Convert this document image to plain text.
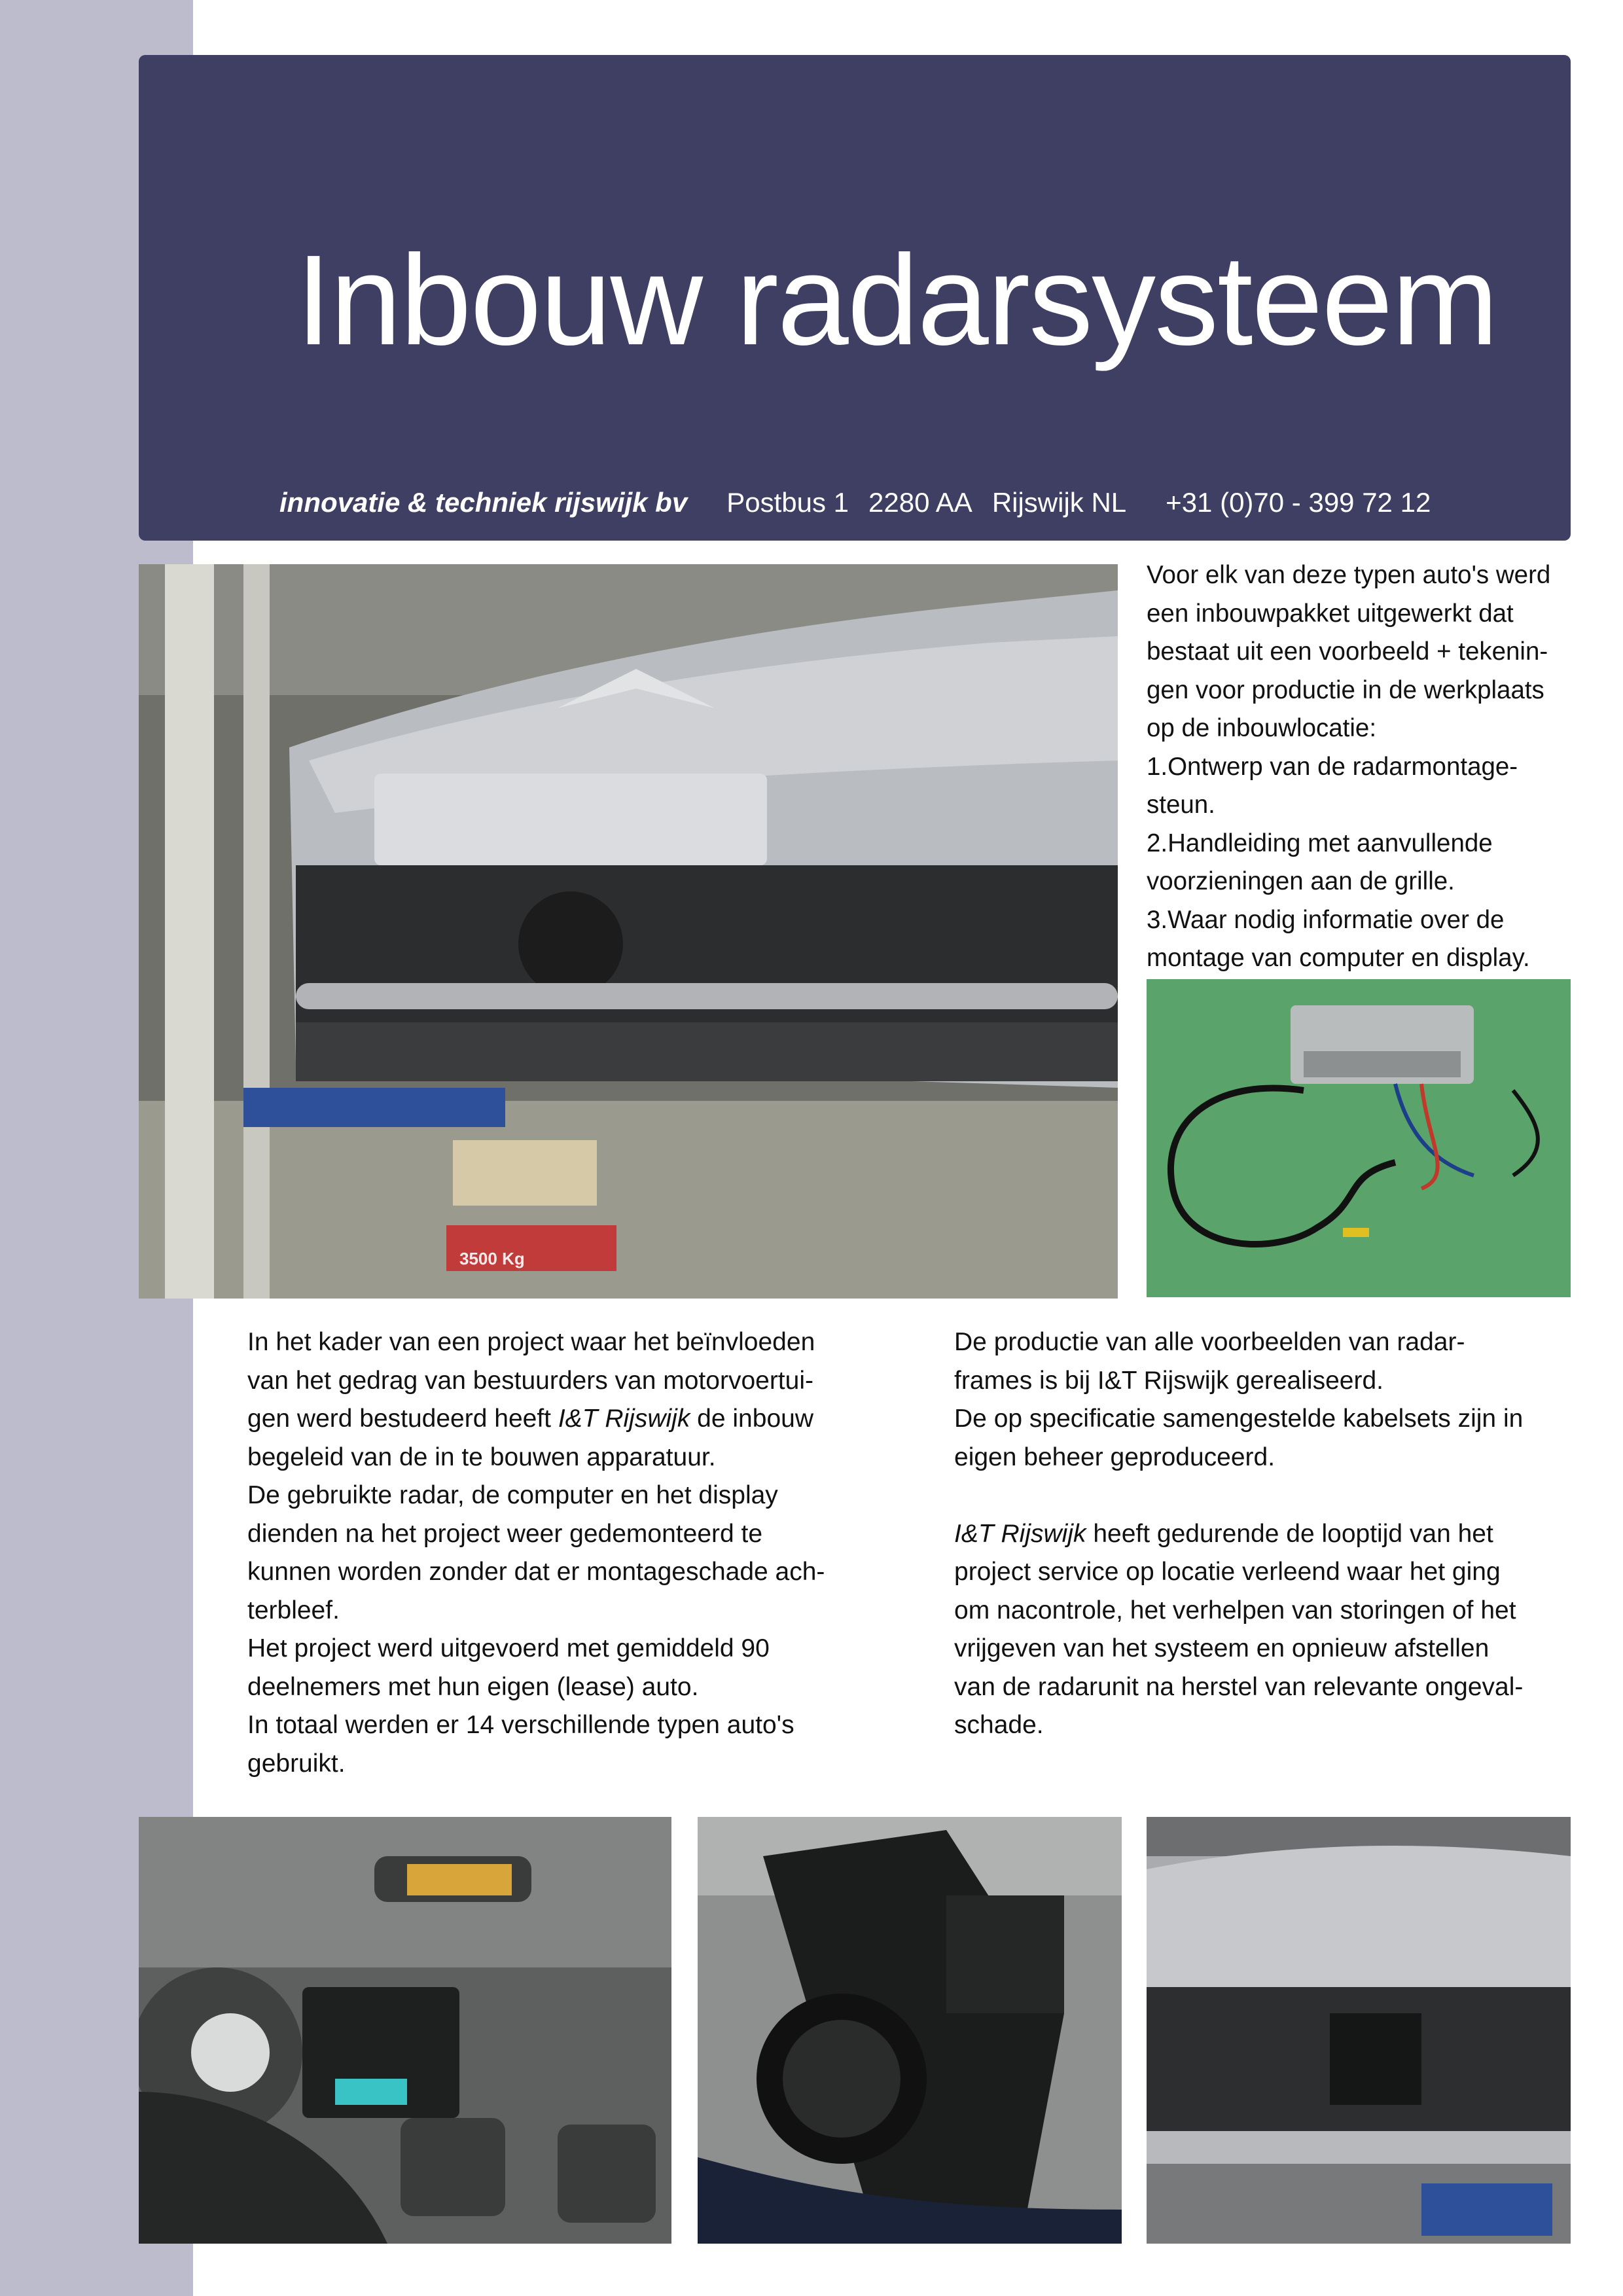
Inbouw radarsysteem
innovatie & techniek rijswijk bv Postbus 1 2280 AA Rijswijk NL +31 (0)70 - 399 72 12
3500 Kg

Voor elk van deze typen auto's werd

een inbouwpakket uitgewerkt dat

bestaat uit een voorbeeld + tekenin-

gen voor productie in de werkplaats

op de inbouwlocatie:

1.Ontwerp van de radarmontage-

steun.

2.Handleiding met aanvullende

voorzieningen aan de grille.

3.Waar nodig informatie over de

montage van computer en display.

In het kader van een project waar het beïnvloeden

van het gedrag van bestuurders van motorvoertui-

gen werd bestudeerd heeft I&T Rijswijk de inbouw

begeleid van de in te bouwen apparatuur.

De gebruikte radar, de computer en het display

dienden na het project weer gedemonteerd te

kunnen worden zonder dat er montageschade ach-

terbleef.

Het project werd uitgevoerd met gemiddeld 90

deelnemers met hun eigen (lease) auto.

In totaal werden er 14 verschillende typen auto's

gebruikt.

De productie van alle voorbeelden van radar-

frames is bij I&T Rijswijk gerealiseerd.

De op specificatie samengestelde kabelsets zijn in

eigen beheer geproduceerd.

I&T Rijswijk heeft gedurende de looptijd van het

project service op locatie verleend waar het ging

om nacontrole, het verhelpen van storingen of het

vrijgeven van het systeem en opnieuw afstellen

van de radarunit na herstel van relevante ongeval-

schade.
